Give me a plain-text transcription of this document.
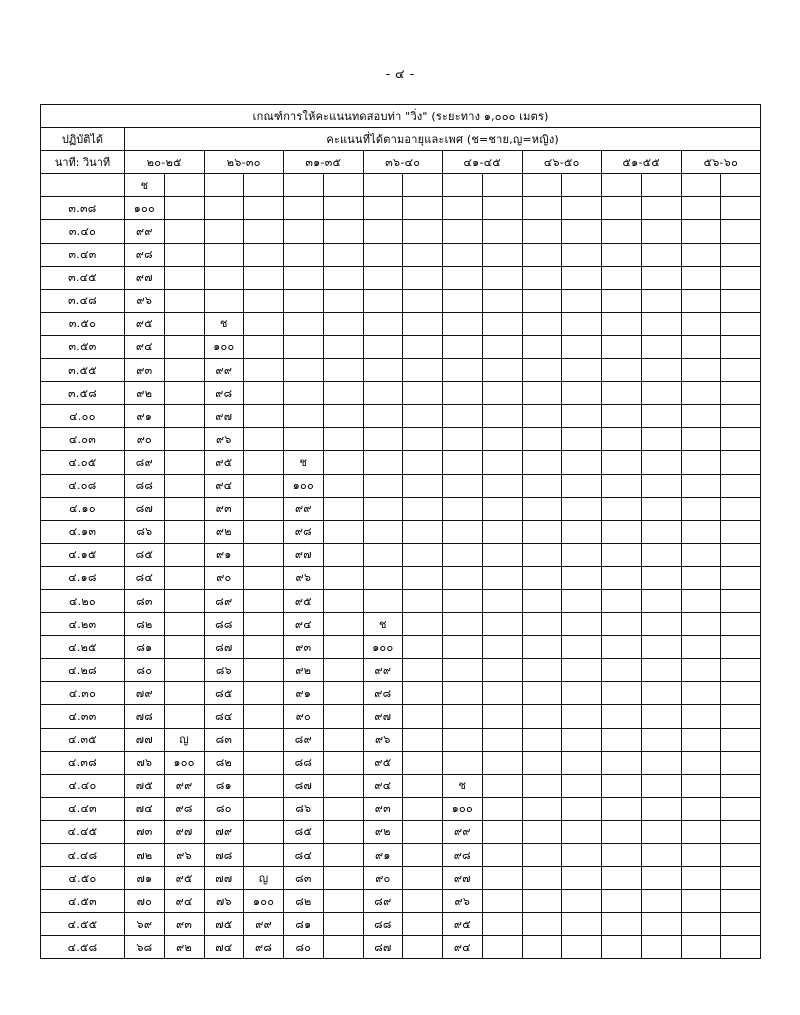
- ๔ -
เกณฑ์การให้คะแนนทดสอบท่า "วิ่ง" (ระยะทาง ๑,๐๐๐ เมตร)																
ปฏิบัติได้	คะแนนที่ได้ตามอายุและเพศ (ช=ชาย,ญ=หญิง)															
นาที: วินาที	๒๐-๒๕		๒๖-๓๐		๓๑-๓๕		๓๖-๔๐		๔๑-๔๕		๔๖-๕๐		๕๑-๕๕		๕๖-๖๐	
	ช															
๓.๓๘	๑๐๐															
๓.๔๐	๙๙															
๓.๔๓	๙๘															
๓.๔๕	๙๗															
๓.๔๘	๙๖															
๓.๕๐	๙๕		ช													
๓.๕๓	๙๔		๑๐๐													
๓.๕๕	๙๓		๙๙													
๓.๕๘	๙๒		๙๘													
๔.๐๐	๙๑		๙๗													
๔.๐๓	๙๐		๙๖													
๔.๐๕	๘๙		๙๕		ช											
๔.๐๘	๘๘		๙๔		๑๐๐											
๔.๑๐	๘๗		๙๓		๙๙											
๔.๑๓	๘๖		๙๒		๙๘											
๔.๑๕	๘๕		๙๑		๙๗											
๔.๑๘	๘๔		๙๐		๙๖											
๔.๒๐	๘๓		๘๙		๙๕											
๔.๒๓	๘๒		๘๘		๙๔		ช									
๔.๒๕	๘๑		๘๗		๙๓		๑๐๐									
๔.๒๘	๘๐		๘๖		๙๒		๙๙									
๔.๓๐	๗๙		๘๕		๙๑		๙๘									
๔.๓๓	๗๘		๘๔		๙๐		๙๗									
๔.๓๕	๗๗	ญ	๘๓		๘๙		๙๖									
๔.๓๘	๗๖	๑๐๐	๘๒		๘๘		๙๕									
๔.๔๐	๗๕	๙๙	๘๑		๘๗		๙๔		ช							
๔.๔๓	๗๔	๙๘	๘๐		๘๖		๙๓		๑๐๐							
๔.๔๕	๗๓	๙๗	๗๙		๘๕		๙๒		๙๙							
๔.๔๘	๗๒	๙๖	๗๘		๘๔		๙๑		๙๘							
๔.๕๐	๗๑	๙๕	๗๗	ญ	๘๓		๙๐		๙๗							
๔.๕๓	๗๐	๙๔	๗๖	๑๐๐	๘๒		๘๙		๙๖							
๔.๕๕	๖๙	๙๓	๗๕	๙๙	๘๑		๘๘		๙๕							
๔.๕๘	๖๘	๙๒	๗๔	๙๘	๘๐		๘๗		๙๔							
